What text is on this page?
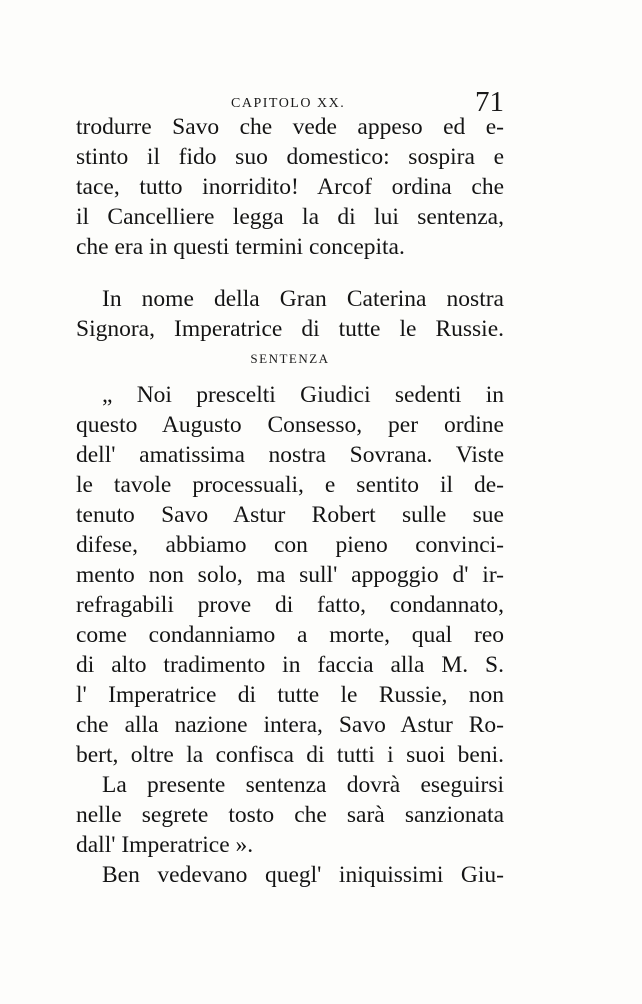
CAPITOLO XX.	71
trodurre Savo che vede appeso ed e-
stinto il fido suo domestico: sospira e
tace, tutto inorridito! Arcof ordina che
il Cancelliere legga la di lui sentenza,
che era in questi termini concepita.
In nome della Gran Caterina nostra
Signora, Imperatrice di tutte le Russie.
SENTENZA
„ Noi prescelti Giudici sedenti in
questo Augusto Consesso, per ordine
dell' amatissima nostra Sovrana. Viste
le tavole processuali, e sentito il de-
tenuto Savo Astur Robert sulle sue
difese, abbiamo con pieno convinci-
mento non solo, ma sull' appoggio d' ir-
refragabili prove di fatto, condannato,
come condanniamo a morte, qual reo
di alto tradimento in faccia alla M. S.
l' Imperatrice di tutte le Russie, non
che alla nazione intera, Savo Astur Ro-
bert, oltre la confisca di tutti i suoi beni.
La presente sentenza dovrà eseguirsi
nelle segrete tosto che sarà sanzionata
dall' Imperatrice ».
Ben vedevano quegl' iniquissimi Giu-
